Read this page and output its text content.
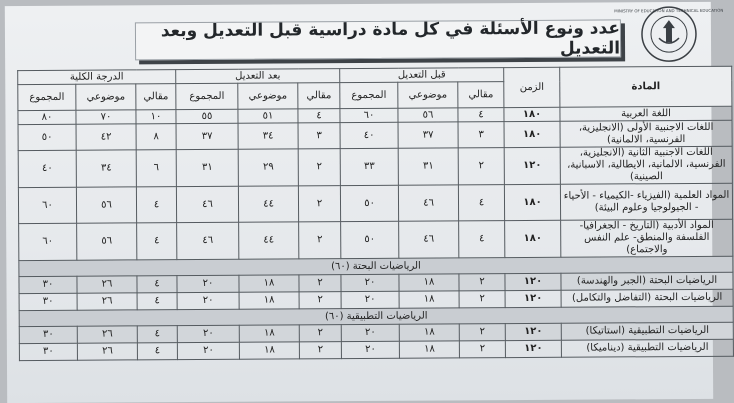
MINISTRY OF EDUCATION AND TECHNICAL EDUCATION
عدد ونوع الأسئلة في كل مادة دراسية قبل التعديل وبعد التعديل
المادة	الزمن	قبل التعديل			بعد التعديل			الدرجة الكلية		
		مقالي	موضوعي	المجموع	مقالي	موضوعي	المجموع	مقالي	موضوعي	المجموع
اللغة العربية	١٨٠	٤	٥٦	٦٠	٤	٥١	٥٥	١٠	٧٠	٨٠
اللغات الاجنبية الأولى (الانجليزية، الفرنسية، الالمانية)	١٨٠	٣	٣٧	٤٠	٣	٣٤	٣٧	٨	٤٢	٥٠
اللغات الاجنبية الثانية (الانجليزية، الفرنسية، الالمانية، الايطالية، الاسبانية، الصينية)	١٢٠	٢	٣١	٣٣	٢	٢٩	٣١	٦	٣٤	٤٠
المواد العلمية (الفيزياء -الكيمياء - الأحياء - الجيولوجيا وعلوم البيئة)	١٨٠	٤	٤٦	٥٠	٢	٤٤	٤٦	٤	٥٦	٦٠
المواد الأدبية (التاريخ - الجغرافيا- الفلسفة والمنطق- علم النفس والاجتماع)	١٨٠	٤	٤٦	٥٠	٢	٤٤	٤٦	٤	٥٦	٦٠
الرياضيات البحتة (٦٠)										
الرياضيات البحتة (الجبر والهندسة)	١٢٠	٢	١٨	٢٠	٢	١٨	٢٠	٤	٢٦	٣٠
الرياضيات البحتة (التفاضل والتكامل)	١٢٠	٢	١٨	٢٠	٢	١٨	٢٠	٤	٢٦	٣٠
الرياضيات التطبيقية (٦٠)										
الرياضيات التطبيقية (استاتيكا)	١٢٠	٢	١٨	٢٠	٢	١٨	٢٠	٤	٢٦	٣٠
الرياضيات التطبيقية (ديناميكا)	١٢٠	٢	١٨	٢٠	٢	١٨	٢٠	٤	٢٦	٣٠
